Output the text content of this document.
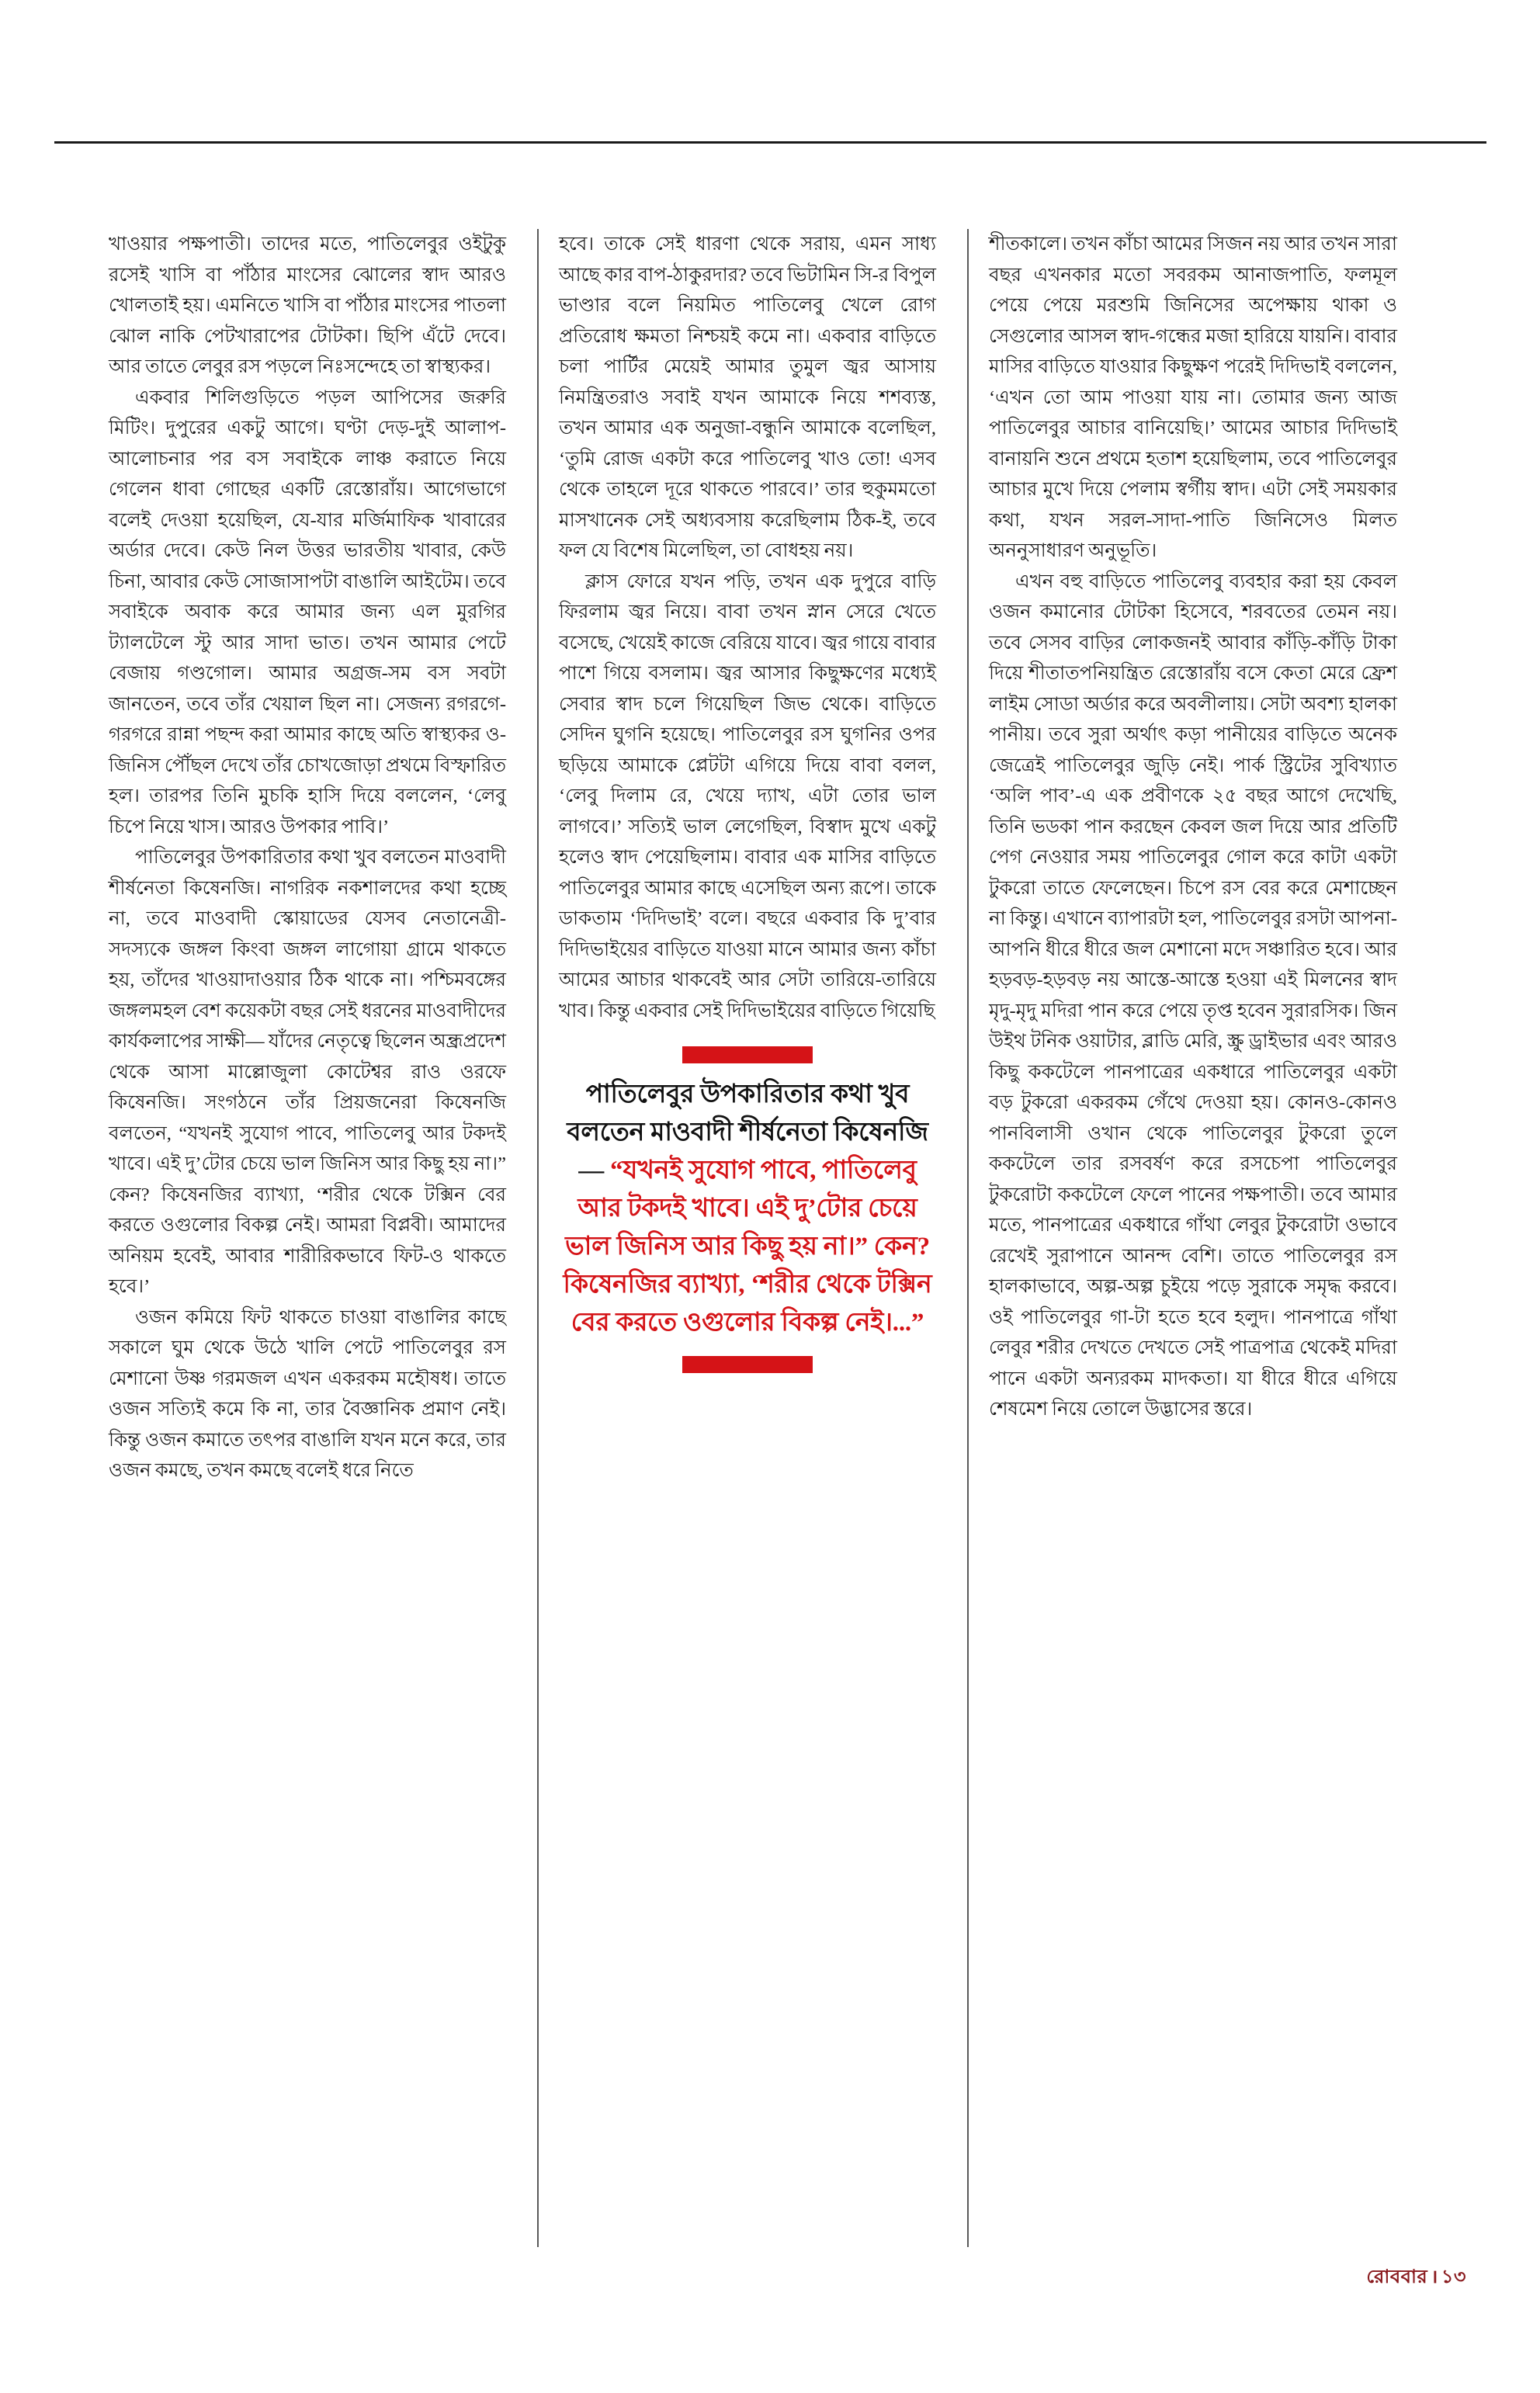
খাওয়ার পক্ষপাতী। তাদের মতে, পাতিলেবুর ওইটুকু রসেই খাসি বা পাঁঠার মাংসের ঝোলের স্বাদ আরও খোলতাই হয়। এমনিতে খাসি বা পাঁঠার মাংসের পাতলা ঝোল নাকি পেটখারাপের টোটকা। ছিপি এঁটে দেবে। আর তাতে লেবুর রস পড়লে নিঃসন্দেহে তা স্বাস্থ্যকর।

একবার শিলিগুড়িতে পড়ল আপিসের জরুরি মিটিং। দুপুরের একটু আগে। ঘণ্টা দেড়-দুই আলাপ-আলোচনার পর বস সবাইকে লাঞ্চ করাতে নিয়ে গেলেন ধাবা গোছের একটি রেস্তোরাঁয়। আগেভাগে বলেই দেওয়া হয়েছিল, যে-যার মর্জিমাফিক খাবারের অর্ডার দেবে। কেউ নিল উত্তর ভারতীয় খাবার, কেউ চিনা, আবার কেউ সোজাসাপটা বাঙালি আইটেম। তবে সবাইকে অবাক করে আমার জন্য এল মুরগির ট্যালটেলে স্টু আর সাদা ভাত। তখন আমার পেটে বেজায় গণ্ডগোল। আমার অগ্রজ-সম বস সবটা জানতেন, তবে তাঁর খেয়াল ছিল না। সেজন্য রগরগে-গরগরে রান্না পছন্দ করা আমার কাছে অতি স্বাস্থ্যকর ও-জিনিস পৌঁছল দেখে তাঁর চোখজোড়া প্রথমে বিস্ফারিত হল। তারপর তিনি মুচকি হাসি দিয়ে বললেন, ‘লেবু চিপে নিয়ে খাস। আরও উপকার পাবি।’

পাতিলেবুর উপকারিতার কথা খুব বলতেন মাওবাদী শীর্ষনেতা কিষেনজি। নাগরিক নকশালদের কথা হচ্ছে না, তবে মাওবাদী স্কোয়াডের যেসব নেতানেত্রী-সদস্যকে জঙ্গল কিংবা জঙ্গল লাগোয়া গ্রামে থাকতে হয়, তাঁদের খাওয়াদাওয়ার ঠিক থাকে না। পশ্চিমবঙ্গের জঙ্গলমহল বেশ কয়েকটা বছর সেই ধরনের মাওবাদীদের কার্যকলাপের সাক্ষী— যাঁদের নেতৃত্বে ছিলেন অন্ধ্রপ্রদেশ থেকে আসা মাল্লোজুলা কোটেশ্বর রাও ওরফে কিষেনজি। সংগঠনে তাঁর প্রিয়জনেরা কিষেনজি বলতেন, “যখনই সুযোগ পাবে, পাতিলেবু আর টকদই খাবে। এই দু’টোর চেয়ে ভাল জিনিস আর কিছু হয় না।” কেন? কিষেনজির ব্যাখ্যা, ‘শরীর থেকে টক্সিন বের করতে ওগুলোর বিকল্প নেই। আমরা বিপ্লবী। আমাদের অনিয়ম হবেই, আবার শারীরিকভাবে ফিট-ও থাকতে হবে।’

ওজন কমিয়ে ফিট থাকতে চাওয়া বাঙালির কাছে সকালে ঘুম থেকে উঠে খালি পেটে পাতিলেবুর রস মেশানো উষ্ণ গরমজল এখন একরকম মহৌষধ। তাতে ওজন সত্যিই কমে কি না, তার বৈজ্ঞানিক প্রমাণ নেই। কিন্তু ওজন কমাতে তৎপর বাঙালি যখন মনে করে, তার ওজন কমছে, তখন কমছে বলেই ধরে নিতে

হবে। তাকে সেই ধারণা থেকে সরায়, এমন সাধ্য আছে কার বাপ-ঠাকুরদার? তবে ভিটামিন সি-র বিপুল ভাণ্ডার বলে নিয়মিত পাতিলেবু খেলে রোগ প্রতিরোধ ক্ষমতা নিশ্চয়ই কমে না। একবার বাড়িতে চলা পার্টির মেয়েই আমার তুমুল জ্বর আসায় নিমন্ত্রিতরাও সবাই যখন আমাকে নিয়ে শশব্যস্ত, তখন আমার এক অনুজা-বন্ধুনি আমাকে বলেছিল, ‘তুমি রোজ একটা করে পাতিলেবু খাও তো! এসব থেকে তাহলে দূরে থাকতে পারবে।’ তার হুকুমমতো মাসখানেক সেই অধ্যবসায় করেছিলাম ঠিক-ই, তবে ফল যে বিশেষ মিলেছিল, তা বোধহয় নয়।

ক্লাস ফোরে যখন পড়ি, তখন এক দুপুরে বাড়ি ফিরলাম জ্বর নিয়ে। বাবা তখন স্নান সেরে খেতে বসেছে, খেয়েই কাজে বেরিয়ে যাবে। জ্বর গায়ে বাবার পাশে গিয়ে বসলাম। জ্বর আসার কিছুক্ষণের মধ্যেই সেবার স্বাদ চলে গিয়েছিল জিভ থেকে। বাড়িতে সেদিন ঘুগনি হয়েছে। পাতিলেবুর রস ঘুগনির ওপর ছড়িয়ে আমাকে প্লেটটা এগিয়ে দিয়ে বাবা বলল, ‘লেবু দিলাম রে, খেয়ে দ্যাখ, এটা তোর ভাল লাগবে।’ সত্যিই ভাল লেগেছিল, বিস্বাদ মুখে একটু হলেও স্বাদ পেয়েছিলাম। বাবার এক মাসির বাড়িতে পাতিলেবুর আমার কাছে এসেছিল অন্য রূপে। তাকে ডাকতাম ‘দিদিভাই’ বলে। বছরে একবার কি দু’বার দিদিভাইয়ের বাড়িতে যাওয়া মানে আমার জন্য কাঁচা আমের আচার থাকবেই আর সেটা তারিয়ে-তারিয়ে খাব। কিন্তু একবার সেই দিদিভাইয়ের বাড়িতে গিয়েছি

পাতিলেবুর উপকারিতার কথা খুব বলতেন মাওবাদী শীর্ষনেতা কিষেনজি— “যখনই সুযোগ পাবে, পাতিলেবু আর টকদই খাবে। এই দু’টোর চেয়ে ভাল জিনিস আর কিছু হয় না।” কেন? কিষেনজির ব্যাখ্যা, ‘শরীর থেকে টক্সিন বের করতে ওগুলোর বিকল্প নেই।...”

শীতকালে। তখন কাঁচা আমের সিজন নয় আর তখন সারা বছর এখনকার মতো সবরকম আনাজপাতি, ফলমূল পেয়ে পেয়ে মরশুমি জিনিসের অপেক্ষায় থাকা ও সেগুলোর আসল স্বাদ-গন্ধের মজা হারিয়ে যায়নি। বাবার মাসির বাড়িতে যাওয়ার কিছুক্ষণ পরেই দিদিভাই বললেন, ‘এখন তো আম পাওয়া যায় না। তোমার জন্য আজ পাতিলেবুর আচার বানিয়েছি।’ আমের আচার দিদিভাই বানায়নি শুনে প্রথমে হতাশ হয়েছিলাম, তবে পাতিলেবুর আচার মুখে দিয়ে পেলাম স্বর্গীয় স্বাদ। এটা সেই সময়কার কথা, যখন সরল-সাদা-পাতি জিনিসেও মিলত অননুসাধারণ অনুভূতি।

এখন বহু বাড়িতে পাতিলেবু ব্যবহার করা হয় কেবল ওজন কমানোর টোটকা হিসেবে, শরবতের তেমন নয়। তবে সেসব বাড়ির লোকজনই আবার কাঁড়ি-কাঁড়ি টাকা দিয়ে শীতাতপনিয়ন্ত্রিত রেস্তোরাঁয় বসে কেতা মেরে ফ্রেশ লাইম সোডা অর্ডার করে অবলীলায়। সেটা অবশ্য হালকা পানীয়। তবে সুরা অর্থাৎ কড়া পানীয়ের বাড়িতে অনেক জেত্রেই পাতিলেবুর জুড়ি নেই। পার্ক স্ট্রিটের সুবিখ্যাত ‘অলি পাব’-এ এক প্রবীণকে ২৫ বছর আগে দেখেছি, তিনি ভডকা পান করছেন কেবল জল দিয়ে আর প্রতিটি পেগ নেওয়ার সময় পাতিলেবুর গোল করে কাটা একটা টুকরো তাতে ফেলেছেন। চিপে রস বের করে মেশাচ্ছেন না কিন্তু। এখানে ব্যাপারটা হল, পাতিলেবুর রসটা আপনা-আপনি ধীরে ধীরে জল মেশানো মদে সঞ্চারিত হবে। আর হড়বড়-হড়বড় নয় আস্তে-আস্তে হওয়া এই মিলনের স্বাদ মৃদু-মৃদু মদিরা পান করে পেয়ে তৃপ্ত হবেন সুরারসিক। জিন উইথ টনিক ওয়াটার, ব্লাডি মেরি, স্ক্রু ড্রাইভার এবং আরও কিছু ককটেলে পানপাত্রের একধারে পাতিলেবুর একটা বড় টুকরো একরকম গেঁথে দেওয়া হয়। কোনও-কোনও পানবিলাসী ওখান থেকে পাতিলেবুর টুকরো তুলে ককটেলে তার রসবর্ষণ করে রসচেপা পাতিলেবুর টুকরোটা ককটেলে ফেলে পানের পক্ষপাতী। তবে আমার মতে, পানপাত্রের একধারে গাঁথা লেবুর টুকরোটা ওভাবে রেখেই সুরাপানে আনন্দ বেশি। তাতে পাতিলেবুর রস হালকাভাবে, অল্প-অল্প চুইয়ে পড়ে সুরাকে সমৃদ্ধ করবে। ওই পাতিলেবুর গা-টা হতে হবে হলুদ। পানপাত্রে গাঁথা লেবুর শরীর দেখতে দেখতে সেই পাত্রপাত্র থেকেই মদিরা পানে একটা অন্যরকম মাদকতা। যা ধীরে ধীরে এগিয়ে শেষমেশ নিয়ে তোলে উদ্ভাসের স্তরে।

রোববার । ১৩
